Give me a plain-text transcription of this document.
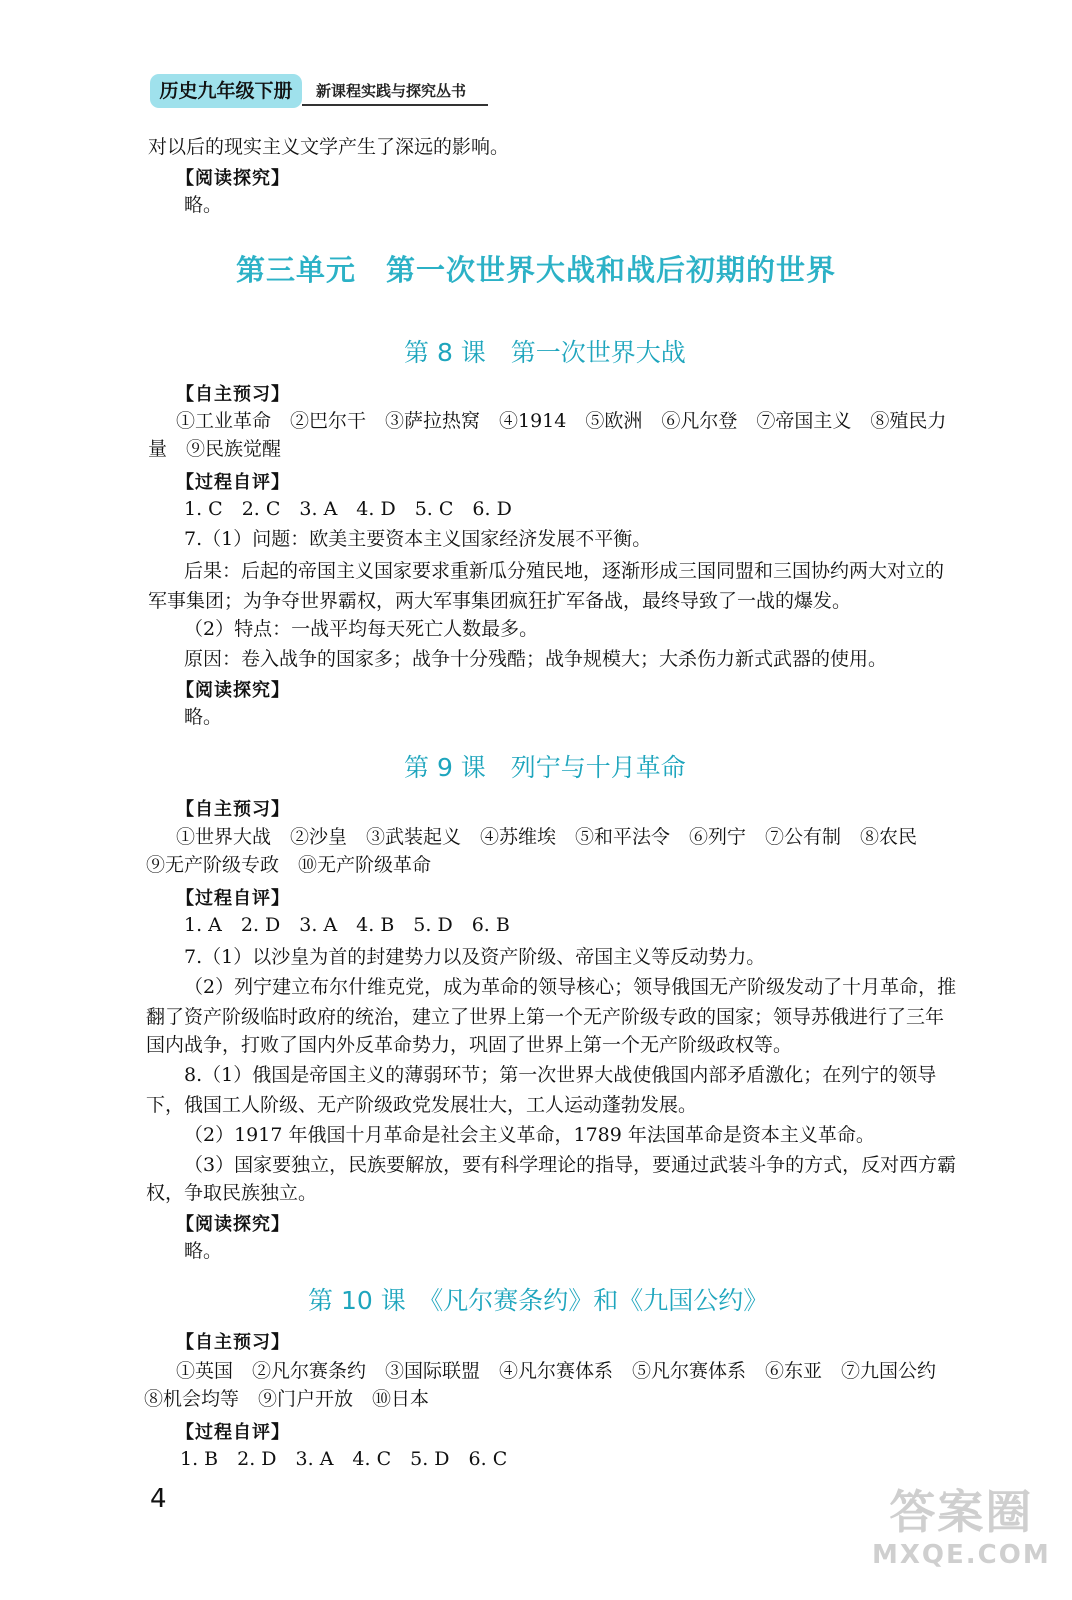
历史九年级下册	新课程实践与探究丛书
对以后的现实主义文学产生了深远的影响。
【阅读探究】
略。
第三单元　第一次世界大战和战后初期的世界
第 8 课　第一次世界大战
【自主预习】
①工业革命　②巴尔干　③萨拉热窝　④1914　⑤欧洲　⑥凡尔登　⑦帝国主义　⑧殖民力
量　⑨民族觉醒
【过程自评】
1. C　2. C　3. A　4. D　5. C　6. D
7.（1）问题：欧美主要资本主义国家经济发展不平衡。
后果：后起的帝国主义国家要求重新瓜分殖民地，逐渐形成三国同盟和三国协约两大对立的
军事集团；为争夺世界霸权，两大军事集团疯狂扩军备战，最终导致了一战的爆发。
（2）特点：一战平均每天死亡人数最多。
原因：卷入战争的国家多；战争十分残酷；战争规模大；大杀伤力新式武器的使用。
【阅读探究】
略。
第 9 课　列宁与十月革命
【自主预习】
①世界大战　②沙皇　③武装起义　④苏维埃　⑤和平法令　⑥列宁　⑦公有制　⑧农民
⑨无产阶级专政　⑩无产阶级革命
【过程自评】
1. A　2. D　3. A　4. B　5. D　6. B
7.（1）以沙皇为首的封建势力以及资产阶级、帝国主义等反动势力。
（2）列宁建立布尔什维克党，成为革命的领导核心；领导俄国无产阶级发动了十月革命，推
翻了资产阶级临时政府的统治，建立了世界上第一个无产阶级专政的国家；领导苏俄进行了三年
国内战争，打败了国内外反革命势力，巩固了世界上第一个无产阶级政权等。
8.（1）俄国是帝国主义的薄弱环节；第一次世界大战使俄国内部矛盾激化；在列宁的领导
下，俄国工人阶级、无产阶级政党发展壮大，工人运动蓬勃发展。
（2）1917 年俄国十月革命是社会主义革命，1789 年法国革命是资本主义革命。
（3）国家要独立，民族要解放，要有科学理论的指导，要通过武装斗争的方式，反对西方霸
权，争取民族独立。
【阅读探究】
略。
第 10 课　《凡尔赛条约》和《九国公约》
【自主预习】
①英国　②凡尔赛条约　③国际联盟　④凡尔赛体系　⑤凡尔赛体系　⑥东亚　⑦九国公约
⑧机会均等　⑨门户开放　⑩日本
【过程自评】
1. B　2. D　3. A　4. C　5. D　6. C
4	答案圈
MXQE.COM
